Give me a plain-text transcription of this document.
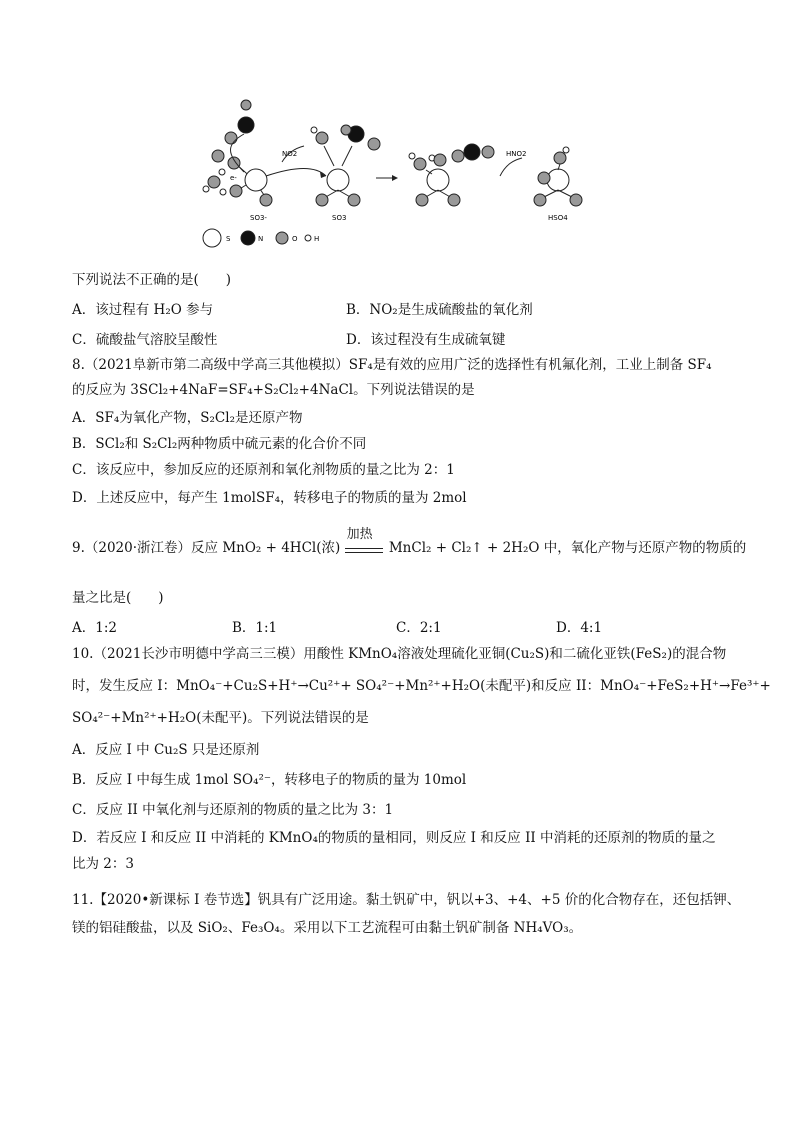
e-
SO3-
NO2
SO3
HNO2
HSO4
S	N	O H
下列说法不正确的是(　　)
A．该过程有 H₂O 参与	B．NO₂是生成硫酸盐的氧化剂
C．硫酸盐气溶胶呈酸性	D．该过程没有生成硫氧键
8.（2021阜新市第二高级中学高三其他模拟）SF₄是有效的应用广泛的选择性有机氟化剂，工业上制备 SF₄
的反应为 3SCl₂+4NaF=SF₄+S₂Cl₂+4NaCl。下列说法错误的是
A．SF₄为氧化产物，S₂Cl₂是还原产物
B．SCl₂和 S₂Cl₂两种物质中硫元素的化合价不同
C．该反应中，参加反应的还原剂和氧化剂物质的量之比为 2：1
D．上述反应中，每产生 1molSF₄，转移电子的物质的量为 2mol
9.（2020·浙江卷）反应 MnO₂ + 4HCl(浓)
加热
MnCl₂ + Cl₂↑ + 2H₂O 中，氧化产物与还原产物的物质的
量之比是(　　)
A．1:2	B．1:1	C．2:1	D．4:1
10.（2021长沙市明德中学高三三模）用酸性 KMnO₄溶液处理硫化亚铜(Cu₂S)和二硫化亚铁(FeS₂)的混合物
时，发生反应 I：MnO₄⁻+Cu₂S+H⁺→Cu²⁺+ SO₄²⁻+Mn²⁺+H₂O(未配平)和反应 II：MnO₄⁻+FeS₂+H⁺→Fe³⁺+
SO₄²⁻+Mn²⁺+H₂O(未配平)。下列说法错误的是
A．反应 I 中 Cu₂S 只是还原剂
B．反应 I 中每生成 1mol SO₄²⁻，转移电子的物质的量为 10mol
C．反应 II 中氧化剂与还原剂的物质的量之比为 3：1
D．若反应 I 和反应 II 中消耗的 KMnO₄的物质的量相同，则反应 I 和反应 II 中消耗的还原剂的物质的量之
比为 2：3
11.【2020•新课标 I 卷节选】钒具有广泛用途。黏土钒矿中，钒以+3、+4、+5 价的化合物存在，还包括钾、
镁的铝硅酸盐，以及 SiO₂、Fe₃O₄。采用以下工艺流程可由黏土钒矿制备 NH₄VO₃。
